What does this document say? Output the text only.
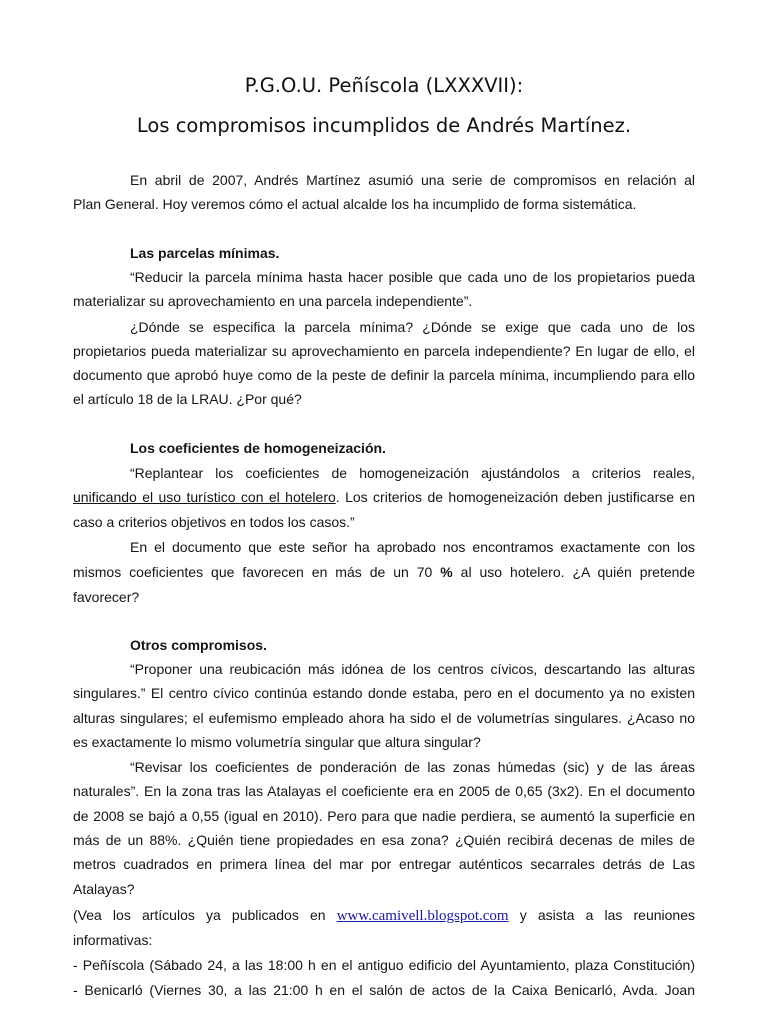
P.G.O.U. Peñíscola (LXXXVII):
Los compromisos incumplidos de Andrés Martínez.
En abril de 2007, Andrés Martínez asumió una serie de compromisos en relación al
Plan General. Hoy veremos cómo el actual alcalde los ha incumplido de forma sistemática.
Las parcelas mínimas.
“Reducir la parcela mínima hasta hacer posible que cada uno de los propietarios pueda
materializar su aprovechamiento en una parcela independiente”.
¿Dónde se especifica la parcela mínima? ¿Dónde se exige que cada uno de los
propietarios pueda materializar su aprovechamiento en parcela independiente? En lugar de ello, el
documento que aprobó huye como de la peste de definir la parcela mínima, incumpliendo para ello
el artículo 18 de la LRAU. ¿Por qué?
Los coeficientes de homogeneización.
“Replantear los coeficientes de homogeneización ajustándolos a criterios reales,
unificando el uso turístico con el hotelero. Los criterios de homogeneización deben justificarse en
caso a criterios objetivos en todos los casos.”
En el documento que este señor ha aprobado nos encontramos exactamente con los
mismos coeficientes que favorecen en más de un 70 % al uso hotelero. ¿A quién pretende
favorecer?
Otros compromisos.
“Proponer una reubicación más idónea de los centros cívicos, descartando las alturas
singulares.” El centro cívico continúa estando donde estaba, pero en el documento ya no existen
alturas singulares; el eufemismo empleado ahora ha sido el de volumetrías singulares. ¿Acaso no
es exactamente lo mismo volumetría singular que altura singular?
“Revisar los coeficientes de ponderación de las zonas húmedas (sic) y de las áreas
naturales”. En la zona tras las Atalayas el coeficiente era en 2005 de 0,65 (3x2). En el documento
de 2008 se bajó a 0,55 (igual en 2010). Pero para que nadie perdiera, se aumentó la superficie en
más de un 88%. ¿Quién tiene propiedades en esa zona? ¿Quién recibirá decenas de miles de
metros cuadrados en primera línea del mar por entregar auténticos secarrales detrás de Las
Atalayas?
(Vea los artículos ya publicados en www.camivell.blogspot.com y asista a las reuniones
informativas:
- Peñíscola (Sábado 24, a las 18:00 h en el antiguo edificio del Ayuntamiento, plaza Constitución)
- Benicarló (Viernes 30, a las 21:00 h en el salón de actos de la Caixa Benicarló, Avda. Joan
